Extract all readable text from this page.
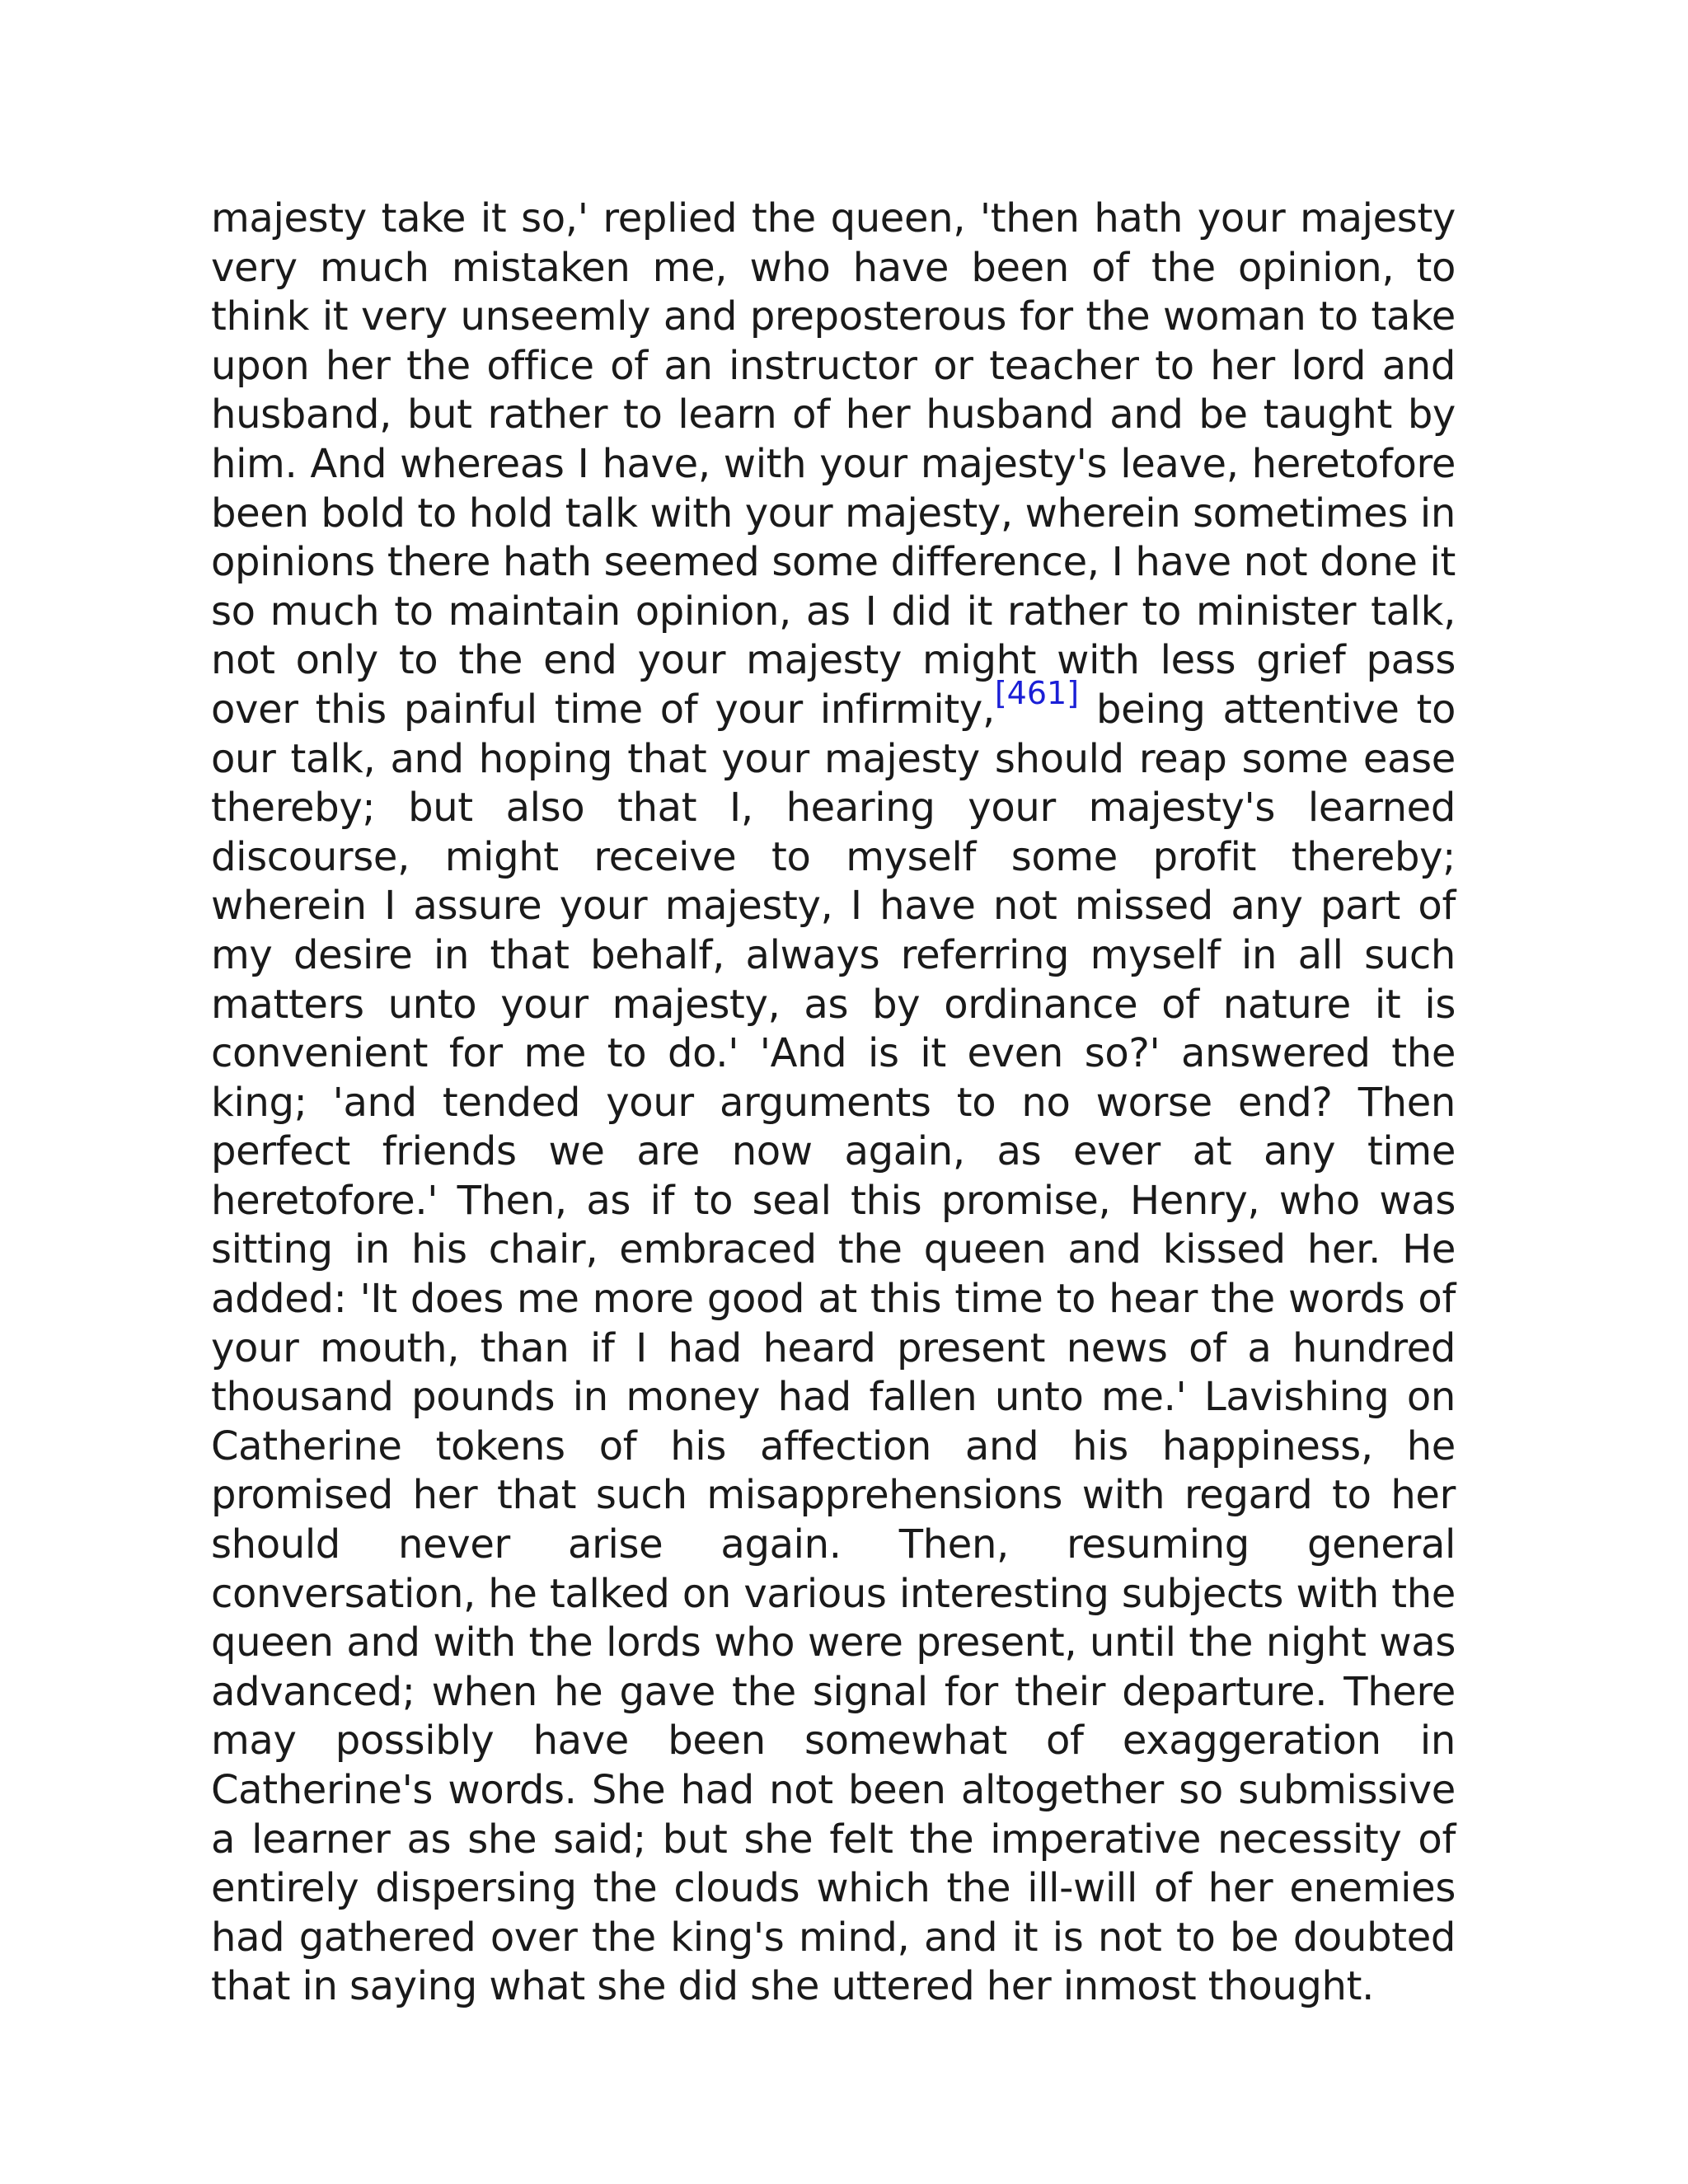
majesty take it so,' replied the queen, 'then hath your majesty very much mistaken me, who have been of the opinion, to think it very unseemly and preposterous for the woman to take upon her the office of an instructor or teacher to her lord and husband, but rather to learn of her husband and be taught by him. And whereas I have, with your majesty's leave, heretofore been bold to hold talk with your majesty, wherein sometimes in opinions there hath seemed some difference, I have not done it so much to maintain opinion, as I did it rather to minister talk, not only to the end your majesty might with less grief pass over this painful time of your infirmity,[461] being attentive to our talk, and hoping that your majesty should reap some ease thereby; but also that I, hearing your majesty's learned discourse, might receive to myself some profit thereby; wherein I assure your majesty, I have not missed any part of my desire in that behalf, always referring myself in all such matters unto your majesty, as by ordinance of nature it is convenient for me to do.' 'And is it even so?' answered the king; 'and tended your arguments to no worse end? Then perfect friends we are now again, as ever at any time heretofore.' Then, as if to seal this promise, Henry, who was sitting in his chair, embraced the queen and kissed her. He added: 'It does me more good at this time to hear the words of your mouth, than if I had heard present news of a hundred thousand pounds in money had fallen unto me.' Lavishing on Catherine tokens of his affection and his happiness, he promised her that such misapprehensions with regard to her should never arise again. Then, resuming general conversation, he talked on various interesting subjects with the queen and with the lords who were present, until the night was advanced; when he gave the signal for their departure. There may possibly have been somewhat of exaggeration in Catherine's words. She had not been altogether so submissive a learner as she said; but she felt the imperative necessity of entirely dispersing the clouds which the ill-will of her enemies had gathered over the king's mind, and it is not to be doubted that in saying what she did she uttered her inmost thought.
